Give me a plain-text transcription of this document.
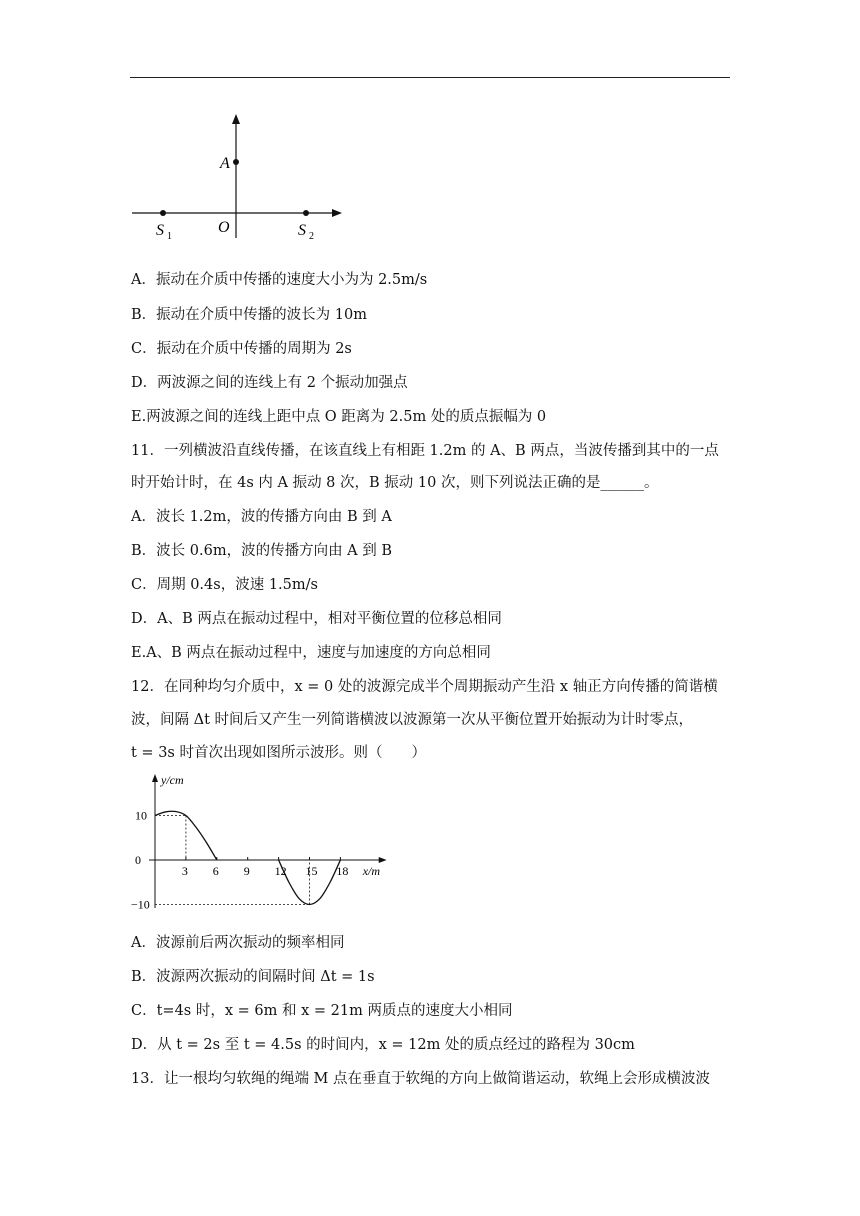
A
O
S 1	S 2
A．振动在介质中传播的速度大小为为 2.5m/s
B．振动在介质中传播的波长为 10m
C．振动在介质中传播的周期为 2s
D．两波源之间的连线上有 2 个振动加强点
E.两波源之间的连线上距中点 O 距离为 2.5m 处的质点振幅为 0
11．一列横波沿直线传播，在该直线上有相距 1.2m 的 A、B 两点，当波传播到其中的一点
时开始计时，在 4s 内 A 振动 8 次，B 振动 10 次，则下列说法正确的是______。
A．波长 1.2m，波的传播方向由 B 到 A
B．波长 0.6m，波的传播方向由 A 到 B
C．周期 0.4s，波速 1.5m/s
D．A、B 两点在振动过程中，相对平衡位置的位移总相同
E.A、B 两点在振动过程中，速度与加速度的方向总相同
12．在同种均匀介质中，x = 0 处的波源完成半个周期振动产生沿 x 轴正方向传播的简谐横
波，间隔 Δt 时间后又产生一列简谐横波以波源第一次从平衡位置开始振动为计时零点，
t = 3s 时首次出现如图所示波形。则（　　）
3 6 9 12 15 18
10
0
−10
y/cm
x/m
A．波源前后两次振动的频率相同
B．波源两次振动的间隔时间 Δt = 1s
C．t=4s 时，x = 6m 和 x = 21m 两质点的速度大小相同
D．从 t = 2s 至 t = 4.5s 的时间内，x = 12m 处的质点经过的路程为 30cm
13．让一根均匀软绳的绳端 M 点在垂直于软绳的方向上做简谐运动，软绳上会形成横波波
